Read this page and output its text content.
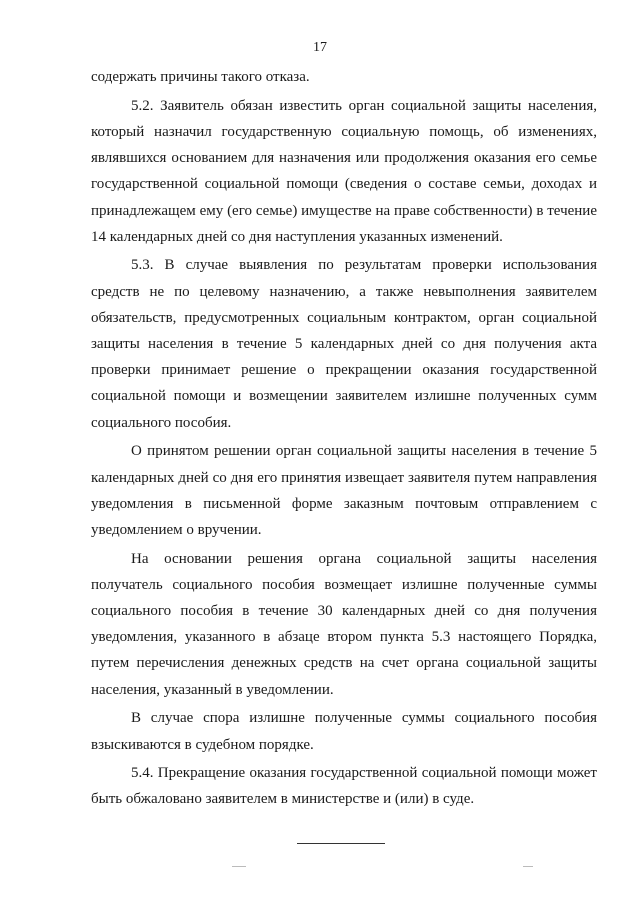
17

содержать причины такого отказа.

5.2. Заявитель обязан известить орган социальной защиты населения, который назначил государственную социальную помощь, об изменениях, являвшихся основанием для назначения или продолжения оказания его семье государственной социальной помощи (сведения о составе семьи, доходах и принадлежащем ему (его семье) имуществе на праве собственности) в течение 14 календарных дней со дня наступления указанных изменений.

5.3. В случае выявления по результатам проверки использования средств не по целевому назначению, а также невыполнения заявителем обязательств, предусмотренных социальным контрактом, орган социальной защиты населения в течение 5 календарных дней со дня получения акта проверки принимает решение о прекращении оказания государственной социальной помощи и возмещении заявителем излишне полученных сумм социального пособия.

О принятом решении орган социальной защиты населения в течение 5 календарных дней со дня его принятия извещает заявителя путем направления уведомления в письменной форме заказным почтовым отправлением с уведомлением о вручении.

На основании решения органа социальной защиты населения получатель социального пособия возмещает излишне полученные суммы социального пособия в течение 30 календарных дней со дня получения уведомления, указанного в абзаце втором пункта 5.3 настоящего Порядка, путем перечисления денежных средств на счет органа социальной защиты населения, указанный в уведомлении.

В случае спора излишне полученные суммы социального пособия взыскиваются в судебном порядке.

5.4. Прекращение оказания государственной социальной помощи может быть обжаловано заявителем в министерстве и (или) в суде.
